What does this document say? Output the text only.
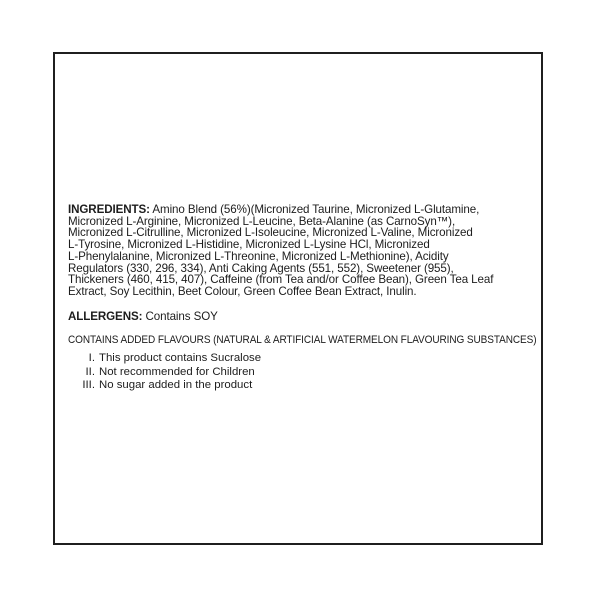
INGREDIENTS: Amino Blend (56%)(Micronized Taurine, Micronized L-Glutamine,
Micronized L-Arginine, Micronized L-Leucine, Beta-Alanine (as CarnoSyn™),
Micronized L-Citrulline, Micronized L-Isoleucine, Micronized L-Valine, Micronized
L-Tyrosine, Micronized L-Histidine, Micronized L-Lysine HCl, Micronized
L-Phenylalanine, Micronized L-Threonine, Micronized L-Methionine), Acidity
Regulators (330, 296, 334), Anti Caking Agents (551, 552), Sweetener (955),
Thickeners (460, 415, 407), Caffeine (from Tea and/or Coffee Bean), Green Tea Leaf
Extract, Soy Lecithin, Beet Colour, Green Coffee Bean Extract, Inulin.
ALLERGENS: Contains SOY
CONTAINS ADDED FLAVOURS (NATURAL & ARTIFICIAL WATERMELON FLAVOURING SUBSTANCES)
I. This product contains Sucralose
II. Not recommended for Children
III. No sugar added in the product
